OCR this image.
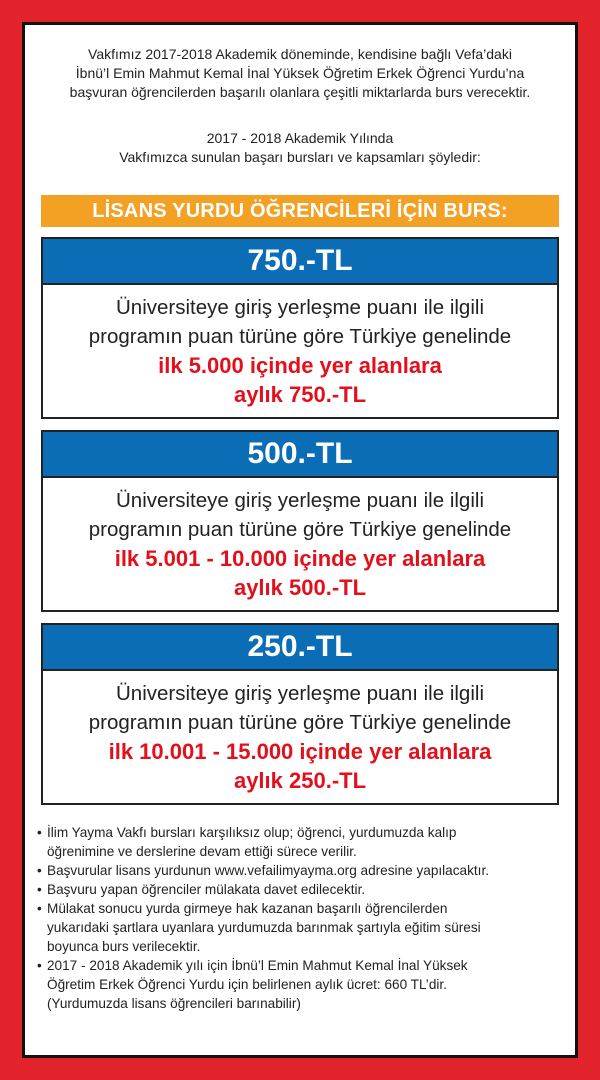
Vakfımız 2017-2018 Akademik döneminde, kendisine bağlı Vefa’daki
İbnü’l Emin Mahmut Kemal İnal Yüksek Öğretim Erkek Öğrenci Yurdu’na
başvuran öğrencilerden başarılı olanlara çeşitli miktarlarda burs verecektir.
2017 - 2018 Akademik Yılında
Vakfımızca sunulan başarı bursları ve kapsamları şöyledir:
LİSANS YURDU ÖĞRENCİLERİ İÇİN BURS:
750.-TL
Üniversiteye giriş yerleşme puanı ile ilgili
programın puan türüne göre Türkiye genelinde
ilk 5.000 içinde yer alanlara
aylık 750.-TL
500.-TL
Üniversiteye giriş yerleşme puanı ile ilgili
programın puan türüne göre Türkiye genelinde
ilk 5.001 - 10.000 içinde yer alanlara
aylık 500.-TL
250.-TL
Üniversiteye giriş yerleşme puanı ile ilgili
programın puan türüne göre Türkiye genelinde
ilk 10.001 - 15.000 içinde yer alanlara
aylık 250.-TL
• İlim Yayma Vakfı bursları karşılıksız olup; öğrenci, yurdumuzda kalıp
öğrenimine ve derslerine devam ettiği sürece verilir.
• Başvurular lisans yurdunun www.vefailimyayma.org adresine yapılacaktır.
• Başvuru yapan öğrenciler mülakata davet edilecektir.
• Mülakat sonucu yurda girmeye hak kazanan başarılı öğrencilerden
yukarıdaki şartlara uyanlara yurdumuzda barınmak şartıyla eğitim süresi
boyunca burs verilecektir.
• 2017 - 2018 Akademik yılı için İbnü’l Emin Mahmut Kemal İnal Yüksek
Öğretim Erkek Öğrenci Yurdu için belirlenen aylık ücret: 660 TL’dir.
(Yurdumuzda lisans öğrencileri barınabilir)
